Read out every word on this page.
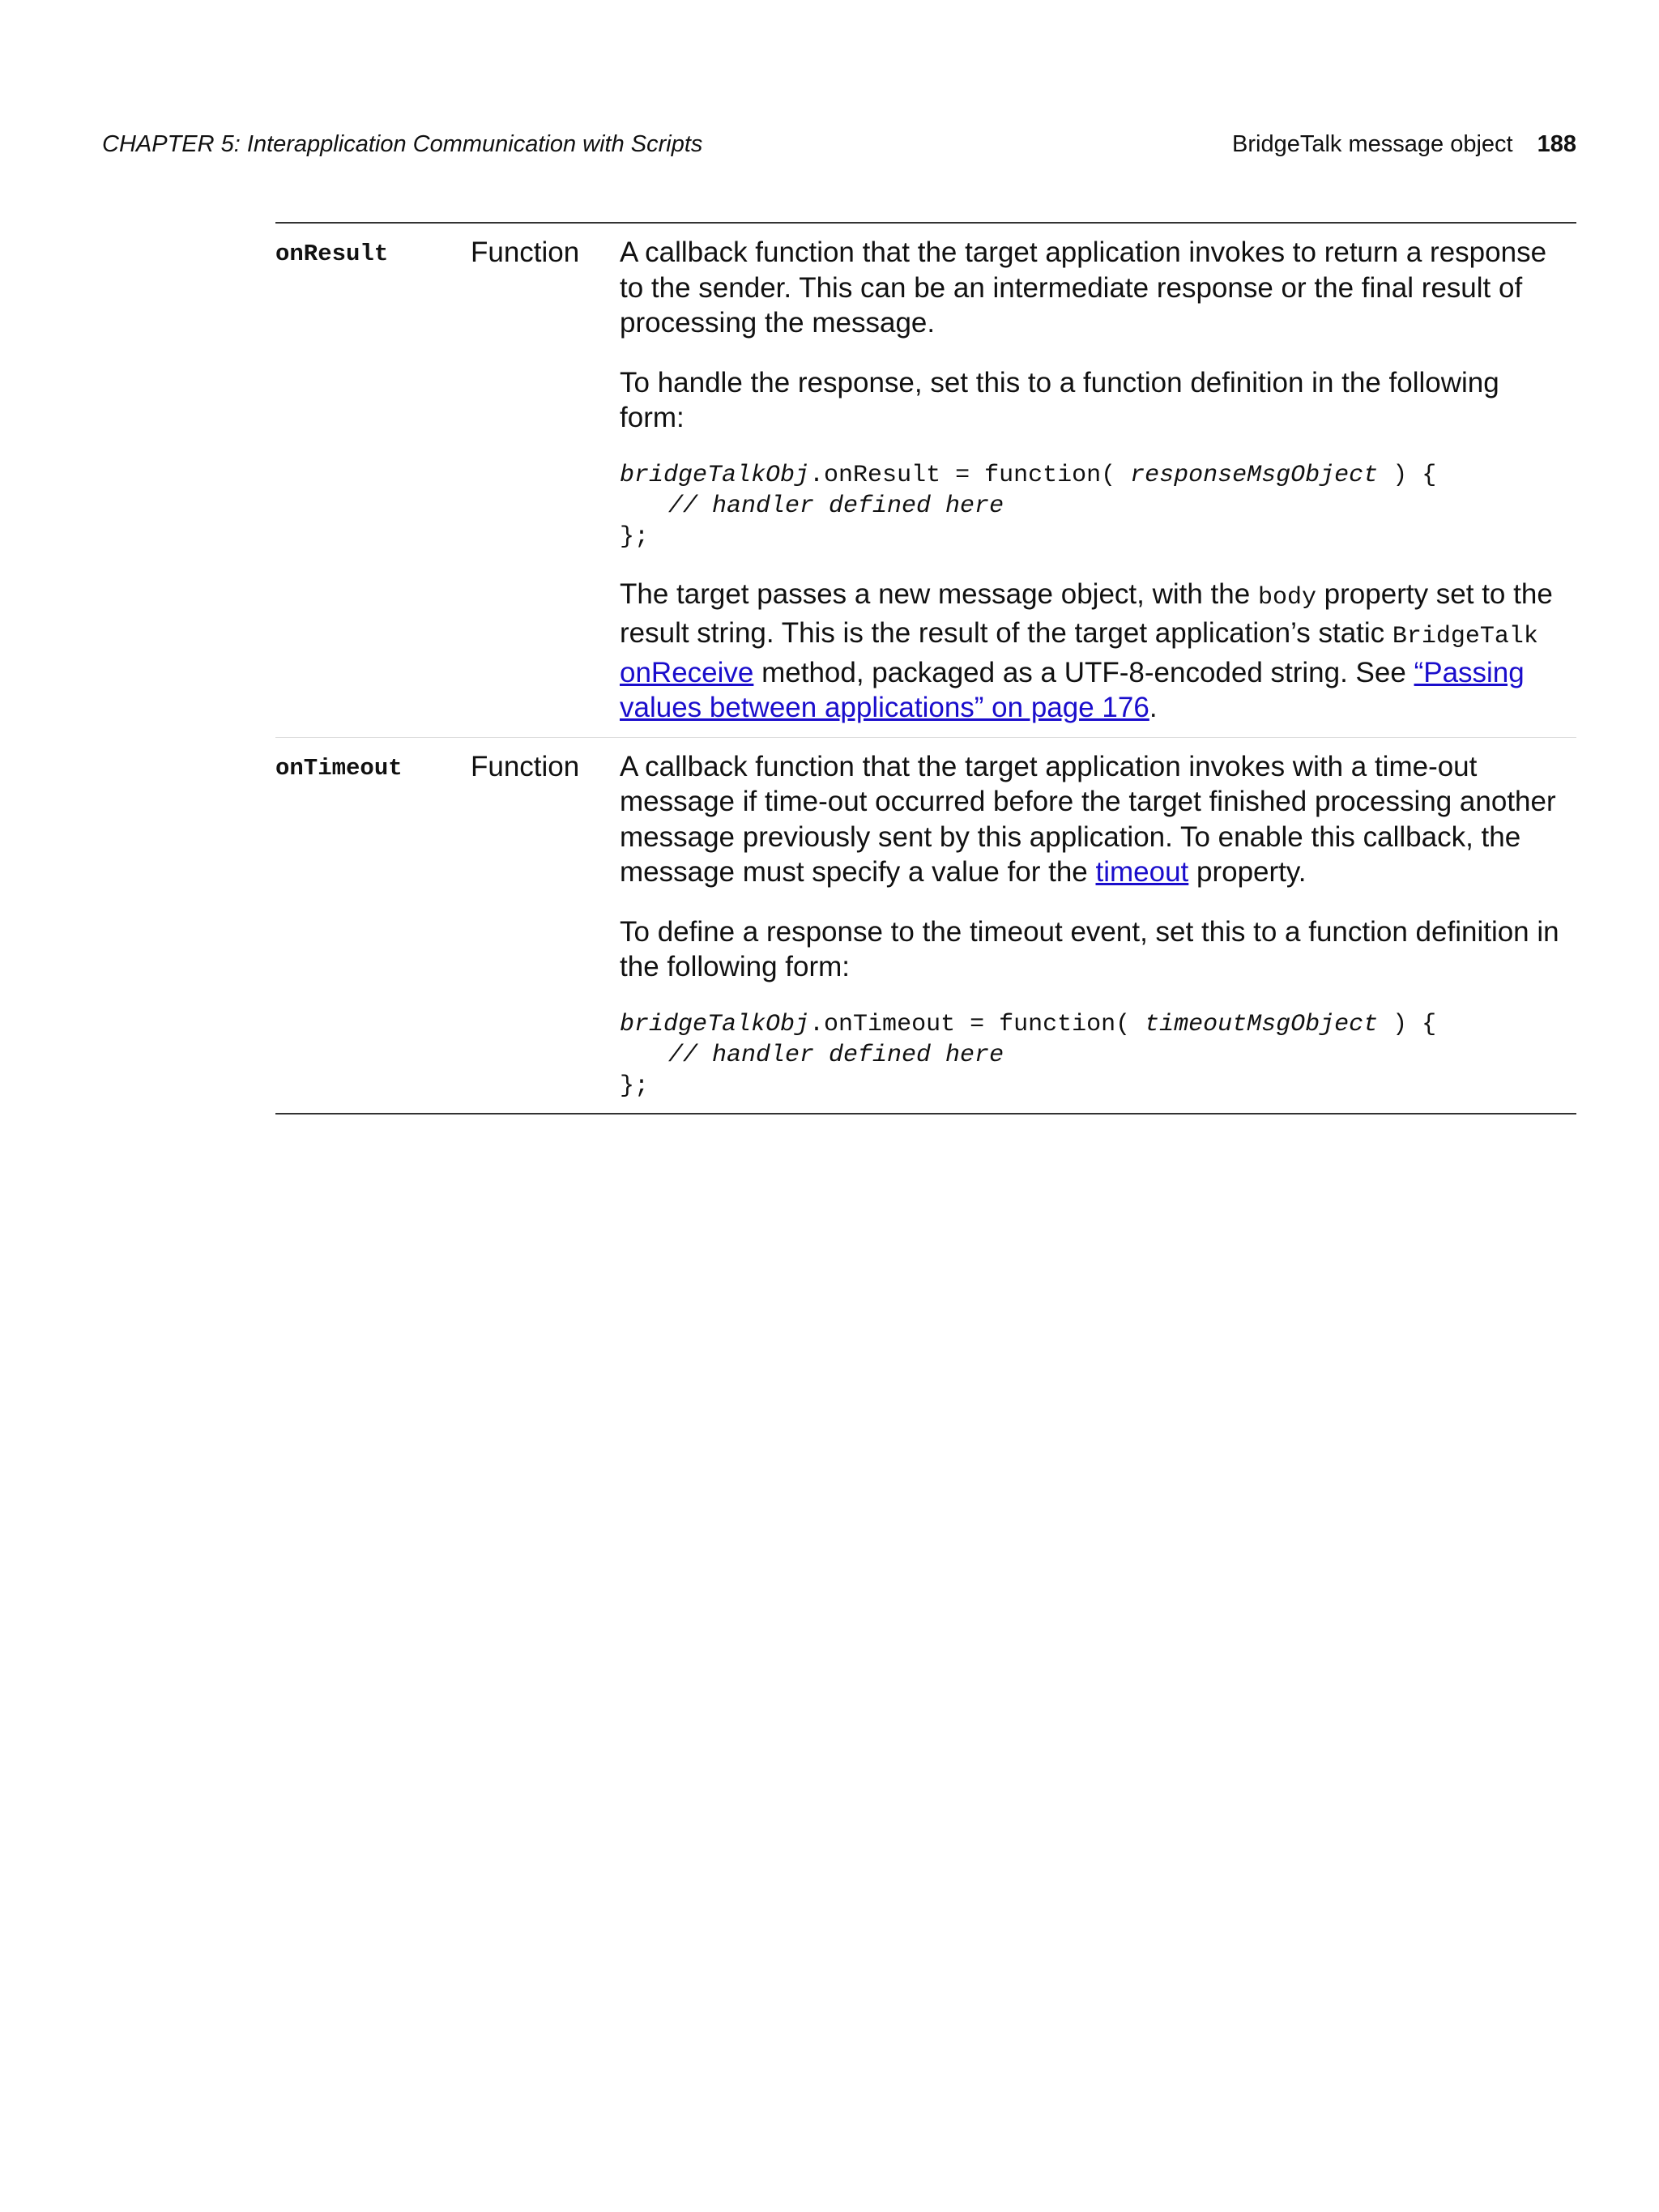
CHAPTER 5: Interapplication Communication with Scripts	BridgeTalk message object 188
onResult	Function	A callback function that the target application invokes to return a response to the sender. This can be an intermediate response or the final result of processing the message.

To handle the response, set this to a function definition in the following form:

bridgeTalkObj.onResult = function( responseMsgObject ) {
// handler defined here
};

The target passes a new message object, with the body property set to the result string. This is the result of the target application’s static BridgeTalk onReceive method, packaged as a UTF-8-encoded string. See “Passing values between applications” on page 176.

onTimeout	Function	A callback function that the target application invokes with a time-out message if time-out occurred before the target finished processing another message previously sent by this application. To enable this callback, the message must specify a value for the timeout property.

To define a response to the timeout event, set this to a function definition in the following form:

bridgeTalkObj.onTimeout = function( timeoutMsgObject ) {
// handler defined here
};
